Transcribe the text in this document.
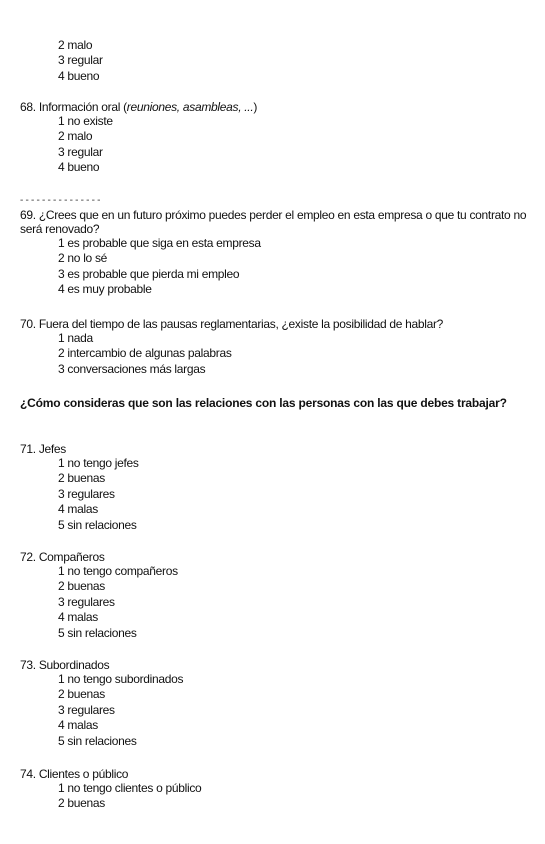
2 malo
3 regular
4 bueno
68. Información oral (reuniones, asambleas, ...)
1 no existe
2 malo
3 regular
4 bueno
- - - - - - - - - - - - - - -
69. ¿Crees que en un futuro próximo puedes perder el empleo en esta empresa o que tu contrato no será renovado?
1 es probable que siga en esta empresa
2 no lo sé
3 es probable que pierda mi empleo
4 es muy probable
70. Fuera del tiempo de las pausas reglamentarias, ¿existe la posibilidad de hablar?
1 nada
2 intercambio de algunas palabras
3 conversaciones más largas
¿Cómo consideras que son las relaciones con las personas con las que debes trabajar?
71. Jefes
1 no tengo jefes
2 buenas
3 regulares
4 malas
5 sin relaciones
72. Compañeros
1 no tengo compañeros
2 buenas
3 regulares
4 malas
5 sin relaciones
73. Subordinados
1 no tengo subordinados
2 buenas
3 regulares
4 malas
5 sin relaciones
74. Clientes o público
1 no tengo clientes o público
2 buenas
